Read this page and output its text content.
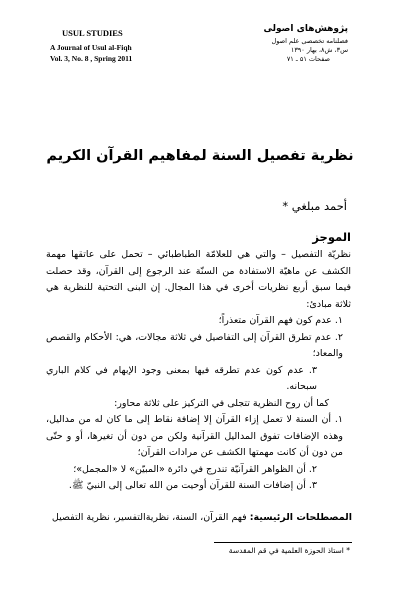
USUL STUDIES
A Journal of Usul al-Fiqh
Vol. 3, No. 8 , Spring 2011
پژوهش‌های اصولی
فصلنامه تخصصی علم اصول
س۳، ش۸، بهار ۱۳۹۰
صفحات ۵۱ ـ ۷۱
نظرية تفصيل السنة لمفاهيم القرآن الكريم
أحمد مبلغي *
الموجز

نظريّة التفصيل – والتي هي للعلامّة الطباطبائي – تحمل على عاتقها مهمة الكشف عن ماهيّة الاستفادة من السنّة عند الرجوع إلى القرآن، وقد حصلت فيما سبق أربع نظريات أخرى في هذا المجال. إن البنى التحتية للنظرية هي ثلاثة مبادئ:

١. عدم كون فهم القرآن متعذراً؛

٢. عدم تطرق القرآن إلى التفاصيل في ثلاثة مجالات، هي: الأحكام والقصص والمعاد؛

٣. عدم كون عدم تطرقه فيها بمعنى وجود الإبهام في كلام الباري سبحانه.

كما أن روح النظرية تتجلى في التركيز على ثلاثة محاور:

١. أن السنة لا تعمل إزاء القرآن إلا إضافة نقاط إلى ما كان له من مداليل، وهذه الإضافات تفوق المداليل القرآنية ولكن من دون أن تغيرها، أو و حتّى من دون أن كانت مهمتها الكشف عن مرادات القرآن؛

٢. أن الظواهر القرآنيّة تندرج في دائرة «المبيّن» لا «المجمل»؛

٣. أن إضافات السنة للقرآن أوحيت من الله تعالى إلى النبيّ ﷺ.

المصطلحات الرئيسية: فهم القرآن، السنة، نظريةالتفسير، نظرية التفصيل
* استاذ الحوزة العلمية في قم المقدسة
